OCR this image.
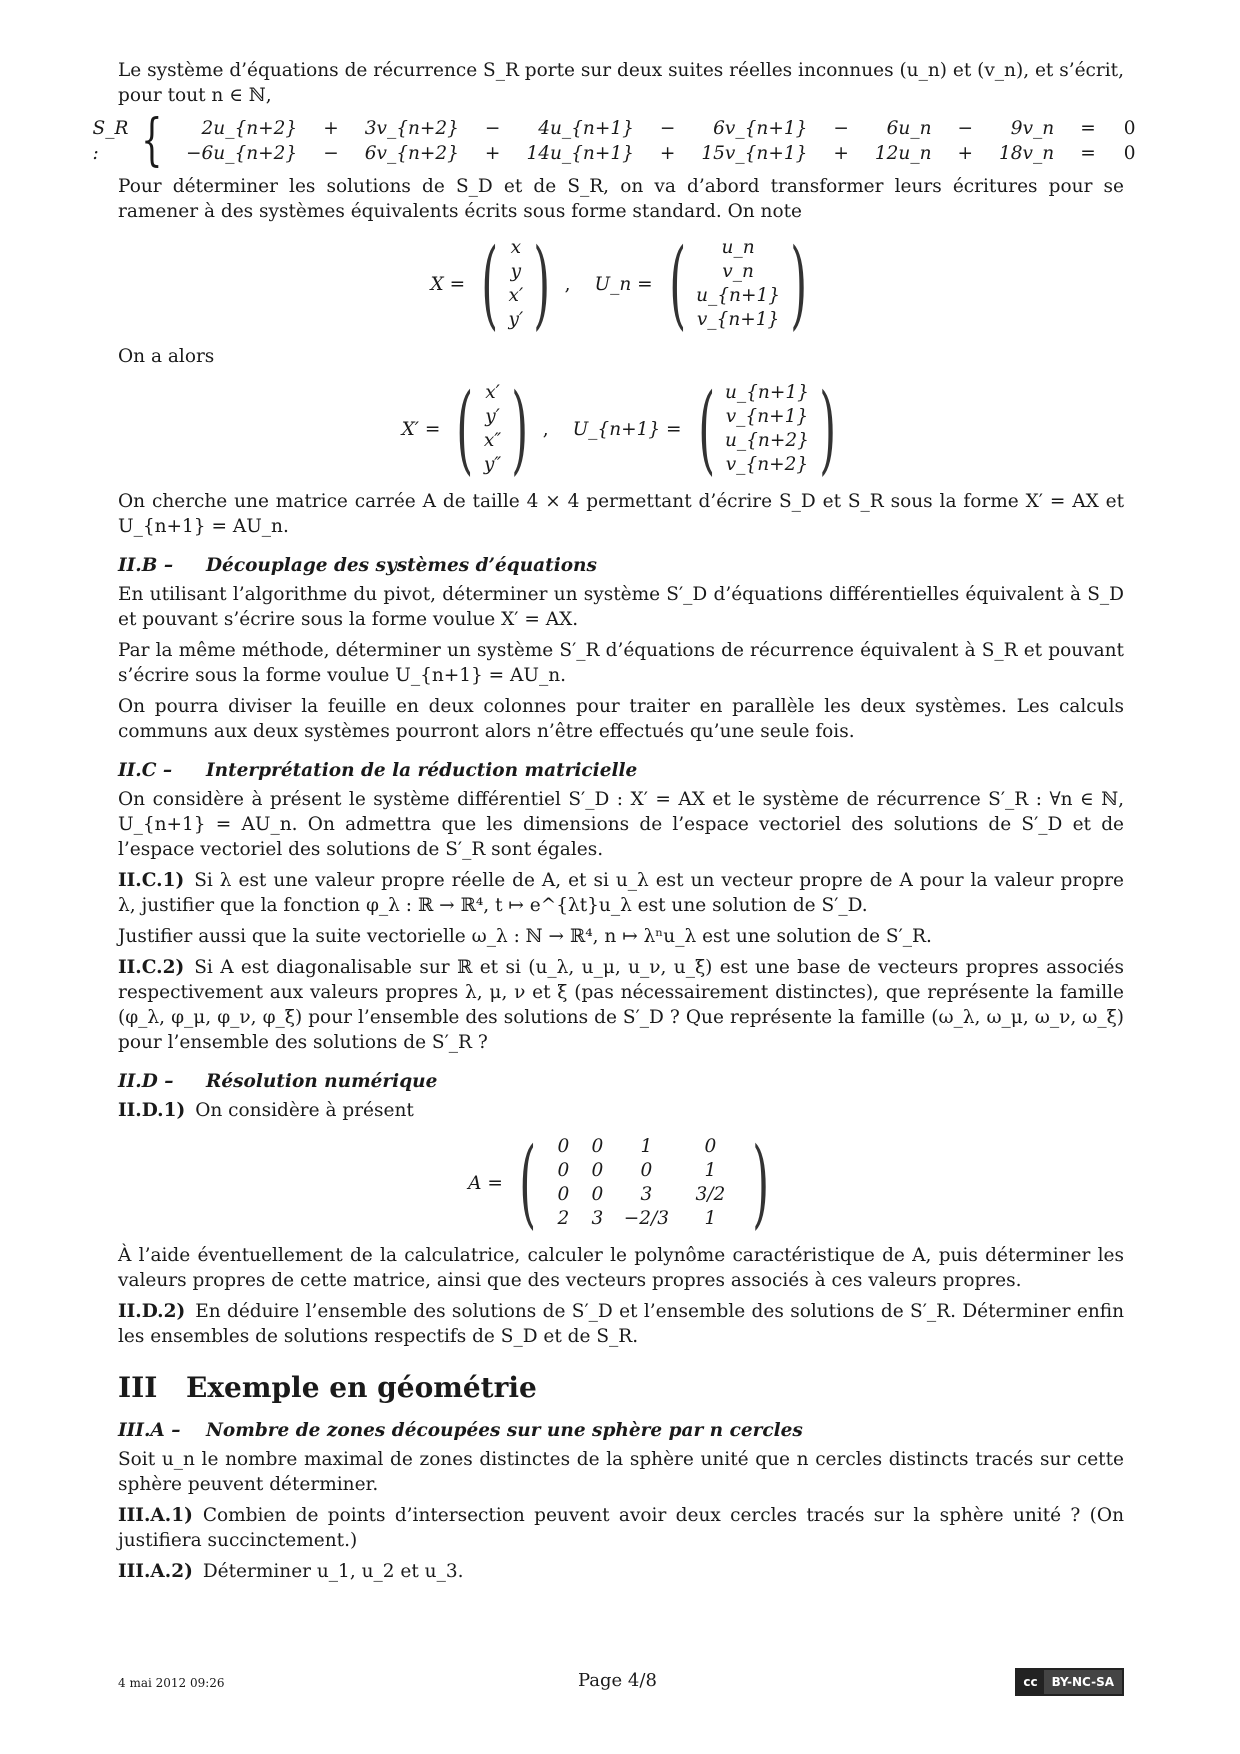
Le système d’équations de récurrence S_R porte sur deux suites réelles inconnues (u_n) et (v_n), et s’écrit, pour tout n ∈ ℕ,

S_R : { 2u_{n+2}	+	3v_{n+2}	−	4u_{n+1}	−	6v_{n+1}	−	6u_n	−	9v_n	=	0
−6u_{n+2}	−	6v_{n+2}	+	14u_{n+1}	+	15v_{n+1}	+	12u_n	+	18v_n	=	0

Pour déterminer les solutions de S_D et de S_R, on va d’abord transformer leurs écritures pour se ramener à des systèmes équivalents écrits sous forme standard. On note

X = ( x
y
x′
y′ ) , U_n = ( u_n
v_n
u_{n+1}
v_{n+1} )

On a alors

X′ = ( x′
y′
x″
y″ ) , U_{n+1} = ( u_{n+1}
v_{n+1}
u_{n+2}
v_{n+2} )

On cherche une matrice carrée A de taille 4 × 4 permettant d’écrire S_D et S_R sous la forme X′ = AX et U_{n+1} = AU_n.

II.B – Découplage des systèmes d’équations

En utilisant l’algorithme du pivot, déterminer un système S′_D d’équations différentielles équivalent à S_D et pouvant s’écrire sous la forme voulue X′ = AX.

Par la même méthode, déterminer un système S′_R d’équations de récurrence équivalent à S_R et pouvant s’écrire sous la forme voulue U_{n+1} = AU_n.

On pourra diviser la feuille en deux colonnes pour traiter en parallèle les deux systèmes. Les calculs communs aux deux systèmes pourront alors n’être effectués qu’une seule fois.

II.C – Interprétation de la réduction matricielle

On considère à présent le système différentiel S′_D : X′ = AX et le système de récurrence S′_R : ∀n ∈ ℕ, U_{n+1} = AU_n. On admettra que les dimensions de l’espace vectoriel des solutions de S′_D et de l’espace vectoriel des solutions de S′_R sont égales.

II.C.1) Si λ est une valeur propre réelle de A, et si u_λ est un vecteur propre de A pour la valeur propre λ, justifier que la fonction φ_λ : ℝ → ℝ⁴, t ↦ e^{λt}u_λ est une solution de S′_D.

Justifier aussi que la suite vectorielle ω_λ : ℕ → ℝ⁴, n ↦ λⁿu_λ est une solution de S′_R.

II.C.2) Si A est diagonalisable sur ℝ et si (u_λ, u_μ, u_ν, u_ξ) est une base de vecteurs propres associés respectivement aux valeurs propres λ, μ, ν et ξ (pas nécessairement distinctes), que représente la famille (φ_λ, φ_μ, φ_ν, φ_ξ) pour l’ensemble des solutions de S′_D ? Que représente la famille (ω_λ, ω_μ, ω_ν, ω_ξ) pour l’ensemble des solutions de S′_R ?

II.D – Résolution numérique

II.D.1) On considère à présent

A = (	0	0	1	0
0	0	0	1
0	0	3	3/2
2	3	−2/3	1 )

À l’aide éventuellement de la calculatrice, calculer le polynôme caractéristique de A, puis déterminer les valeurs propres de cette matrice, ainsi que des vecteurs propres associés à ces valeurs propres.

II.D.2) En déduire l’ensemble des solutions de S′_D et l’ensemble des solutions de S′_R. Déterminer enfin les ensembles de solutions respectifs de S_D et de S_R.

III Exemple en géométrie
III.A – Nombre de zones découpées sur une sphère par n cercles

Soit u_n le nombre maximal de zones distinctes de la sphère unité que n cercles distincts tracés sur cette sphère peuvent déterminer.

III.A.1) Combien de points d’intersection peuvent avoir deux cercles tracés sur la sphère unité ? (On justifiera succinctement.)

III.A.2) Déterminer u_1, u_2 et u_3.

4 mai 2012 09:26	Page 4/8	cc	BY-NC-SA
